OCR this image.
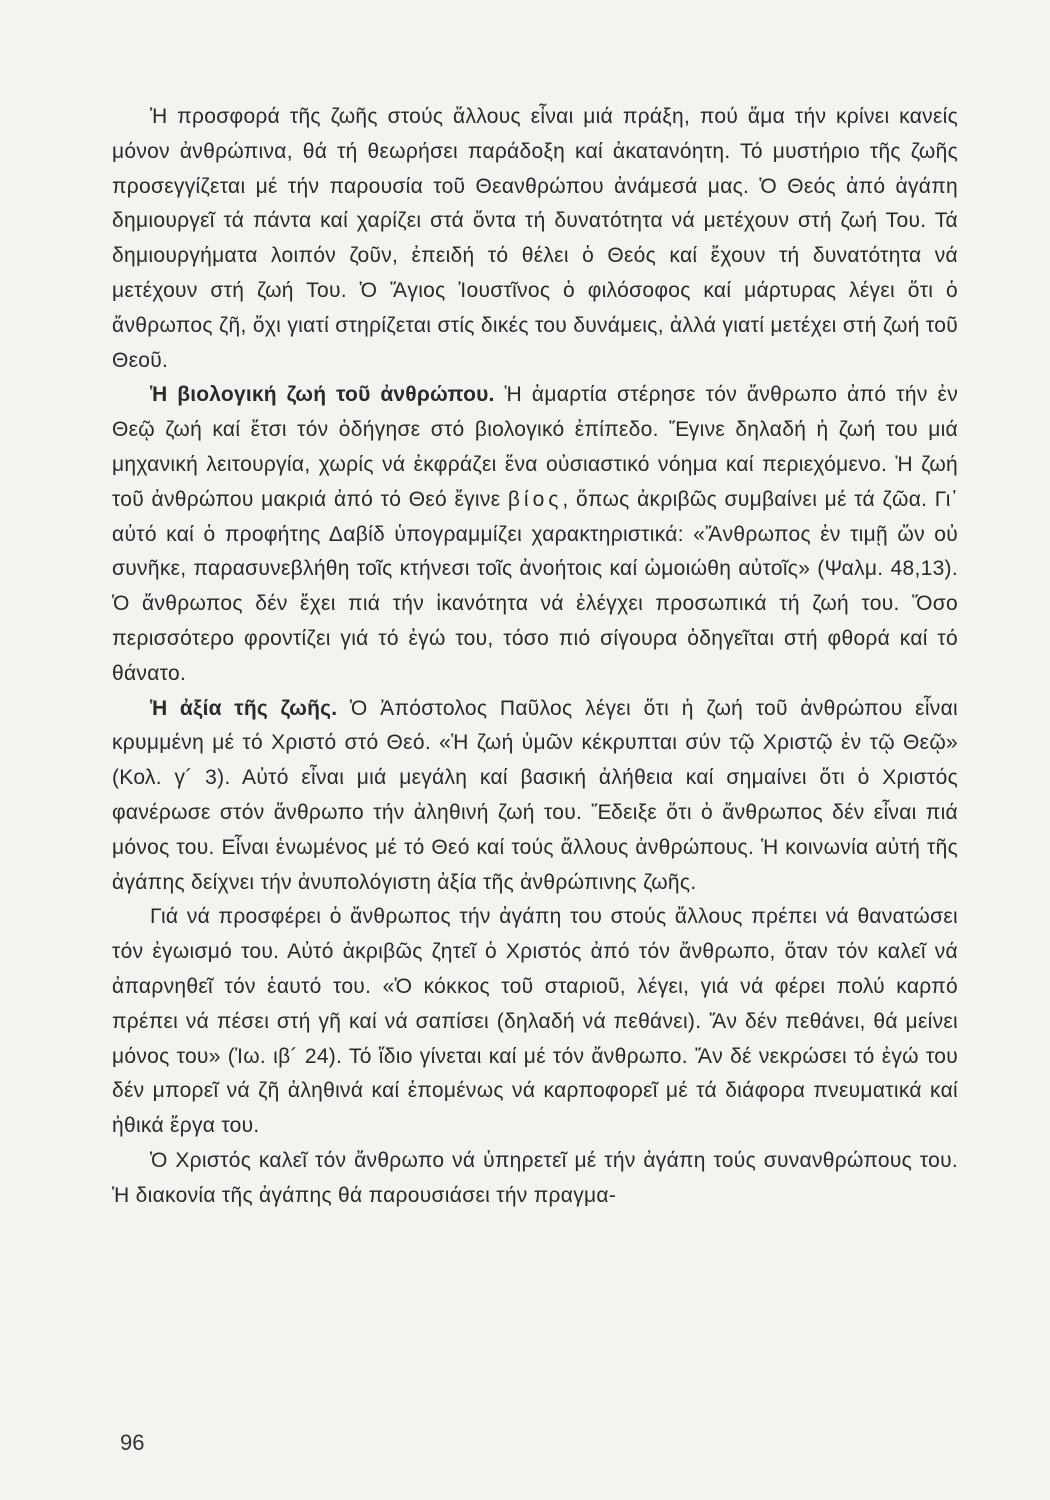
Ἡ προσφορά τῆς ζωῆς στούς ἄλλους εἶναι μιά πράξη, πού ἅμα τήν κρίνει κανείς μόνον ἀνθρώπινα, θά τή θεωρήσει παράδοξη καί ἀκατανόητη. Τό μυστήριο τῆς ζωῆς προσεγγίζεται μέ τήν παρουσία τοῦ Θεανθρώπου ἀνάμεσά μας. Ὁ Θεός ἀπό ἀγάπη δημιουργεῖ τά πάντα καί χαρίζει στά ὄντα τή δυνατότητα νά μετέχουν στή ζωή Του. Τά δημιουργήματα λοιπόν ζοῦν, ἐπειδή τό θέλει ὁ Θεός καί ἔχουν τή δυνατότητα νά μετέχουν στή ζωή Του. Ὁ Ἅγιος Ἰουστῖνος ὁ φιλόσοφος καί μάρτυρας λέγει ὅτι ὁ ἄνθρωπος ζῆ, ὄχι γιατί στηρίζεται στίς δικές του δυνάμεις, ἀλλά γιατί μετέχει στή ζωή τοῦ Θεοῦ.

Ἡ βιολογική ζωή τοῦ ἀνθρώπου. Ἡ ἁμαρτία στέρησε τόν ἄνθρωπο ἀπό τήν ἐν Θεῷ ζωή καί ἔτσι τόν ὁδήγησε στό βιολογικό ἐπίπεδο. Ἔγινε δηλαδή ἡ ζωή του μιά μηχανική λειτουργία, χωρίς νά ἐκφράζει ἕνα οὐσιαστικό νόημα καί περιεχόμενο. Ἡ ζωή τοῦ ἀνθρώπου μακριά ἀπό τό Θεό ἔγινε βίος, ὅπως ἀκριβῶς συμβαίνει μέ τά ζῶα. Γι᾿ αὐτό καί ὁ προφήτης Δαβίδ ὑπογραμμίζει χαρακτηριστικά: «Ἄνθρωπος ἐν τιμῇ ὤν οὐ συνῆκε, παρασυνεβλήθη τοῖς κτήνεσι τοῖς ἀνοήτοις καί ὡμοιώθη αὐτοῖς» (Ψαλμ. 48,13). Ὁ ἄνθρωπος δέν ἔχει πιά τήν ἱκανότητα νά ἐλέγχει προσωπικά τή ζωή του. Ὅσο περισσότερο φροντίζει γιά τό ἐγώ του, τόσο πιό σίγουρα ὁδηγεῖται στή φθορά καί τό θάνατο.

Ἡ ἀξία τῆς ζωῆς. Ὁ Ἀπόστολος Παῦλος λέγει ὅτι ἡ ζωή τοῦ ἀνθρώπου εἶναι κρυμμένη μέ τό Χριστό στό Θεό. «Ἡ ζωή ὑμῶν κέκρυπται σύν τῷ Χριστῷ ἐν τῷ Θεῷ» (Κολ. γ´ 3). Αὐτό εἶναι μιά μεγάλη καί βασική ἀλήθεια καί σημαίνει ὅτι ὁ Χριστός φανέρωσε στόν ἄνθρωπο τήν ἀληθινή ζωή του. Ἔδειξε ὅτι ὁ ἄνθρωπος δέν εἶναι πιά μόνος του. Εἶναι ἑνωμένος μέ τό Θεό καί τούς ἄλλους ἀνθρώπους. Ἡ κοινωνία αὐτή τῆς ἀγάπης δείχνει τήν ἀνυπολόγιστη ἀξία τῆς ἀνθρώπινης ζωῆς.

Γιά νά προσφέρει ὁ ἄνθρωπος τήν ἀγάπη του στούς ἄλλους πρέπει νά θανατώσει τόν ἐγωισμό του. Αὐτό ἀκριβῶς ζητεῖ ὁ Χριστός ἀπό τόν ἄνθρωπο, ὅταν τόν καλεῖ νά ἀπαρνηθεῖ τόν ἑαυτό του. «Ὁ κόκκος τοῦ σταριοῦ, λέγει, γιά νά φέρει πολύ καρπό πρέπει νά πέσει στή γῆ καί νά σαπίσει (δηλαδή νά πεθάνει). Ἄν δέν πεθάνει, θά μείνει μόνος του» (Ἰω. ιβ´ 24). Τό ἴδιο γίνεται καί μέ τόν ἄνθρωπο. Ἄν δέ νεκρώσει τό ἐγώ του δέν μπορεῖ νά ζῆ ἀληθινά καί ἑπομένως νά καρποφορεῖ μέ τά διάφορα πνευματικά καί ἠθικά ἔργα του.

Ὁ Χριστός καλεῖ τόν ἄνθρωπο νά ὑπηρετεῖ μέ τήν ἀγάπη τούς συνανθρώπους του. Ἡ διακονία τῆς ἀγάπης θά παρουσιάσει τήν πραγμα-

96
